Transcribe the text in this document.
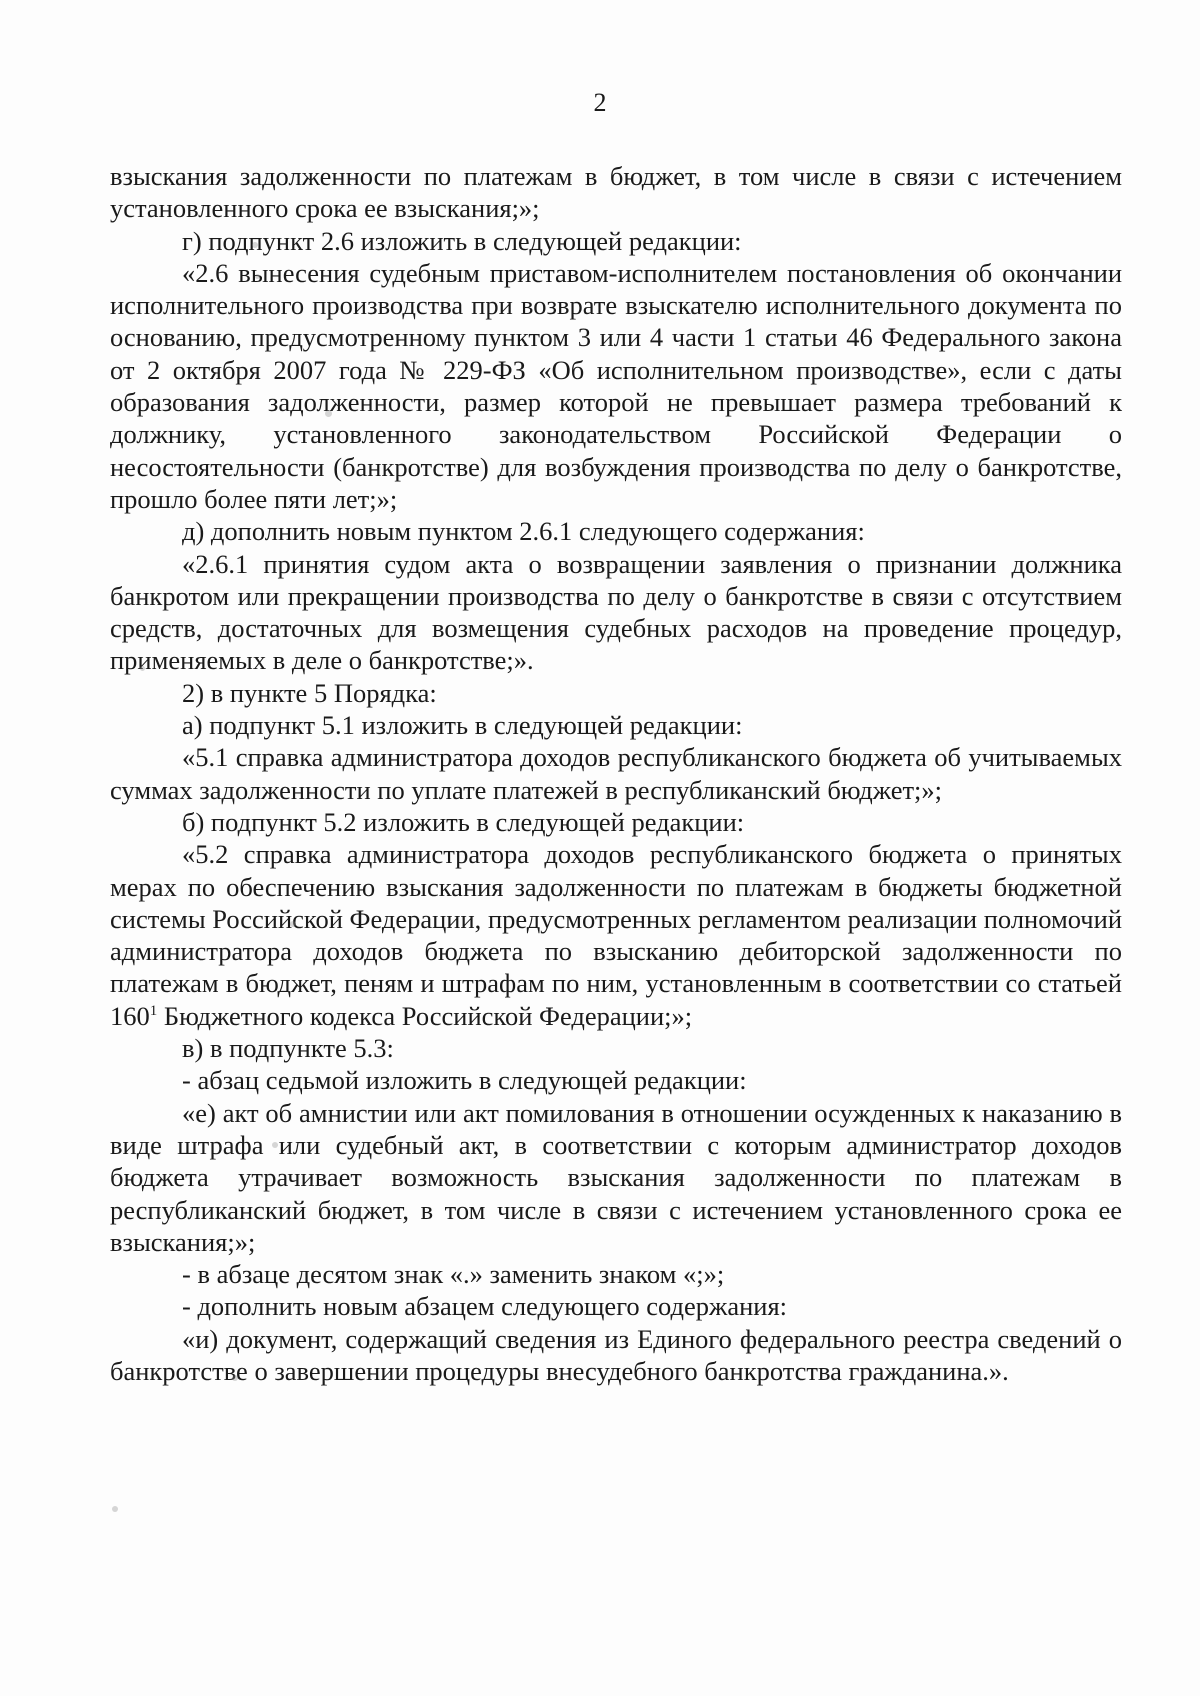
2

взыскания задолженности по платежам в бюджет, в том числе в связи с истечением установленного срока ее взыскания;»;

г) подпункт 2.6 изложить в следующей редакции:

«2.6 вынесения судебным приставом-исполнителем постановления об окончании исполнительного производства при возврате взыскателю исполнительного документа по основанию, предусмотренному пунктом 3 или 4 части 1 статьи 46 Федерального закона от 2 октября 2007 года № 229-ФЗ «Об исполнительном производстве», если с даты образования задолженности, размер которой не превышает размера требований к должнику, установленного законодательством Российской Федерации о несостоятельности (банкротстве) для возбуждения производства по делу о банкротстве, прошло более пяти лет;»;

д) дополнить новым пунктом 2.6.1 следующего содержания:

«2.6.1 принятия судом акта о возвращении заявления о признании должника банкротом или прекращении производства по делу о банкротстве в связи с отсутствием средств, достаточных для возмещения судебных расходов на проведение процедур, применяемых в деле о банкротстве;».

2) в пункте 5 Порядка:

а) подпункт 5.1 изложить в следующей редакции:

«5.1 справка администратора доходов республиканского бюджета об учитываемых суммах задолженности по уплате платежей в республиканский бюджет;»;

б) подпункт 5.2 изложить в следующей редакции:

«5.2 справка администратора доходов республиканского бюджета о принятых мерах по обеспечению взыскания задолженности по платежам в бюджеты бюджетной системы Российской Федерации, предусмотренных регламентом реализации полномочий администратора доходов бюджета по взысканию дебиторской задолженности по платежам в бюджет, пеням и штрафам по ним, установленным в соответствии со статьей $160^1$ Бюджетного кодекса Российской Федерации;»;

в) в подпункте 5.3:

- абзац седьмой изложить в следующей редакции:

«е) акт об амнистии или акт помилования в отношении осужденных к наказанию в виде штрафа или судебный акт, в соответствии с которым администратор доходов бюджета утрачивает возможность взыскания задолженности по платежам в республиканский бюджет, в том числе в связи с истечением установленного срока ее взыскания;»;

- в абзаце десятом знак «.» заменить знаком «;»;

- дополнить новым абзацем следующего содержания:

«и) документ, содержащий сведения из Единого федерального реестра сведений о банкротстве о завершении процедуры внесудебного банкротства гражданина.».
